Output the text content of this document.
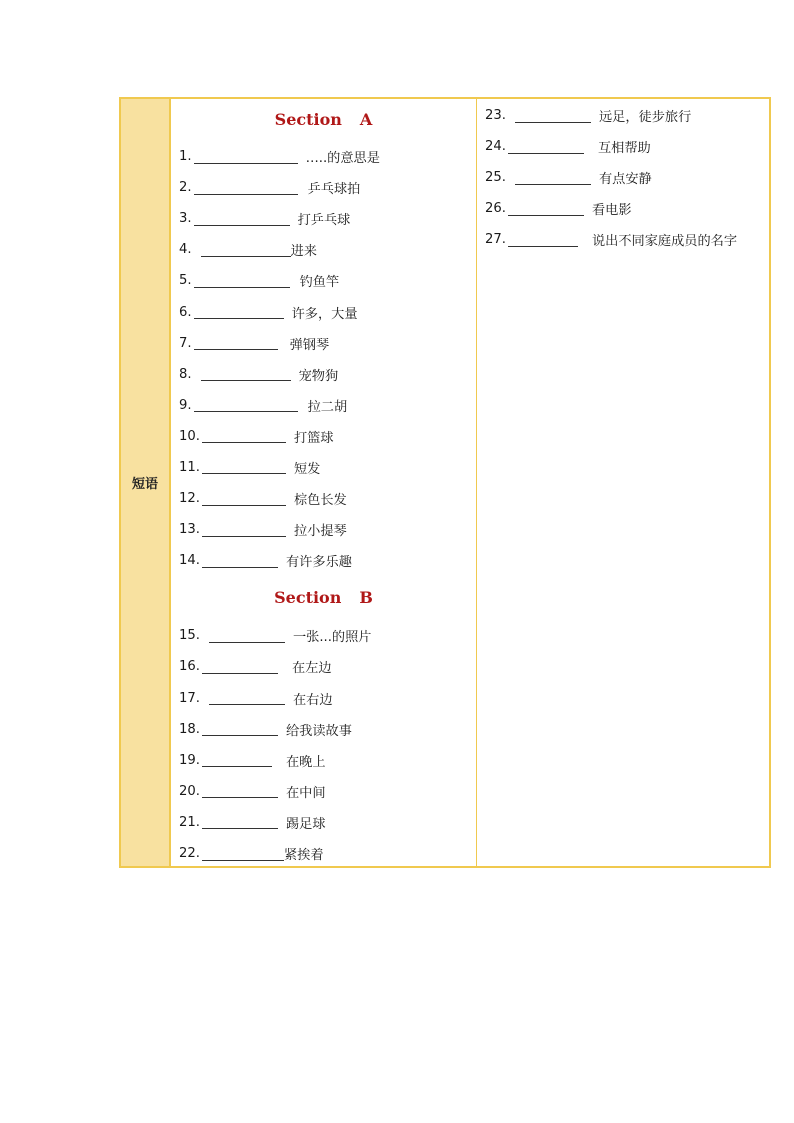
短语
Section A
1.	…..的意思是
2.	乒乓球拍
3.	打乒乓球
4.	进来
5.	钓鱼竿
6.	许多，大量
7.	弹钢琴
8.	宠物狗
9.	拉二胡
10.	打篮球
11.	短发
12.	棕色长发
13.	拉小提琴
14.	有许多乐趣
Section B
15.	一张...的照片
16.	在左边
17.	在右边
18.	给我读故事
19.	在晚上
20.	在中间
21.	踢足球
22.	紧挨着
23.	远足，徒步旅行
24.	互相帮助
25.	有点安静
26.	看电影
27.	说出不同家庭成员的名字
